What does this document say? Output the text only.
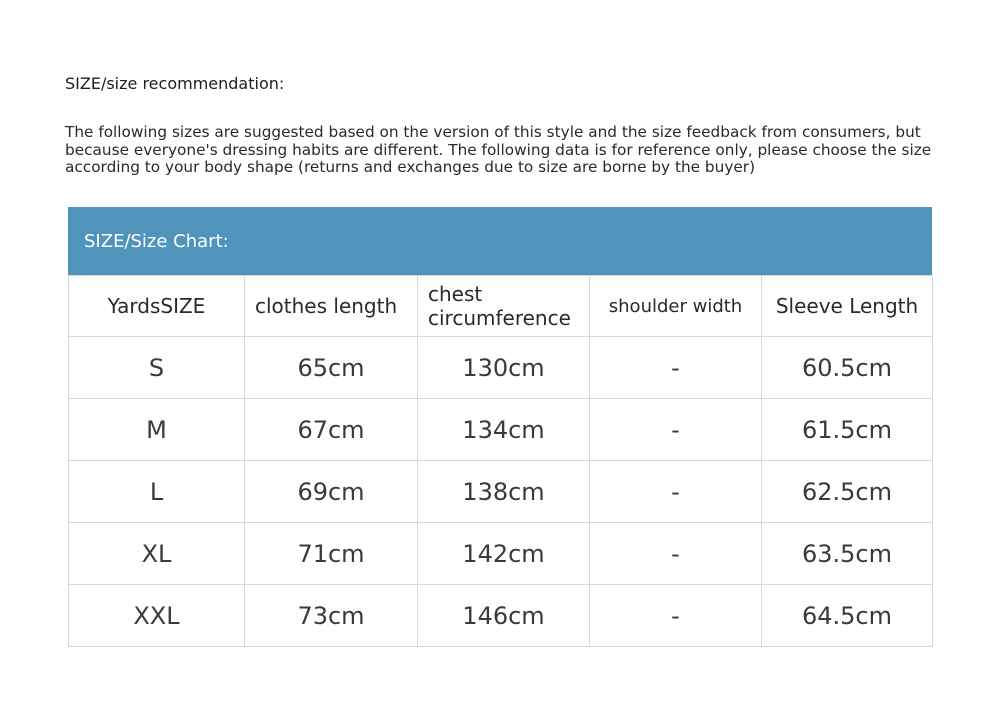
SIZE/size recommendation:
The following sizes are suggested based on the version of this style and the size feedback from consumers, but because everyone's dressing habits are different. The following data is for reference only, please choose the size according to your body shape (returns and exchanges due to size are borne by the buyer)
SIZE/Size Chart:
YardsSIZE	clothes length	chest circumference	shoulder width	Sleeve Length
S	65cm	130cm	-	60.5cm
M	67cm	134cm	-	61.5cm
L	69cm	138cm	-	62.5cm
XL	71cm	142cm	-	63.5cm
XXL	73cm	146cm	-	64.5cm
